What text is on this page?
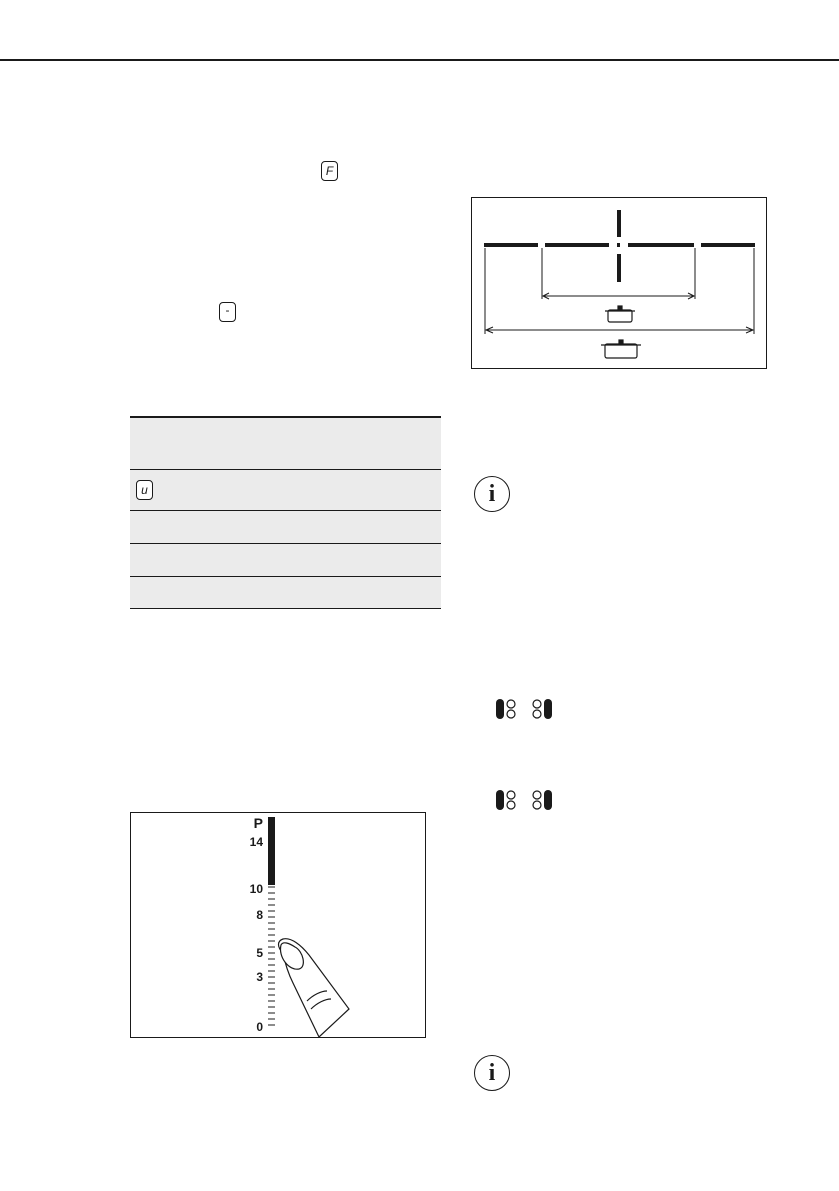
F
-
u	i
i
P
14
10
8
5
3
0
